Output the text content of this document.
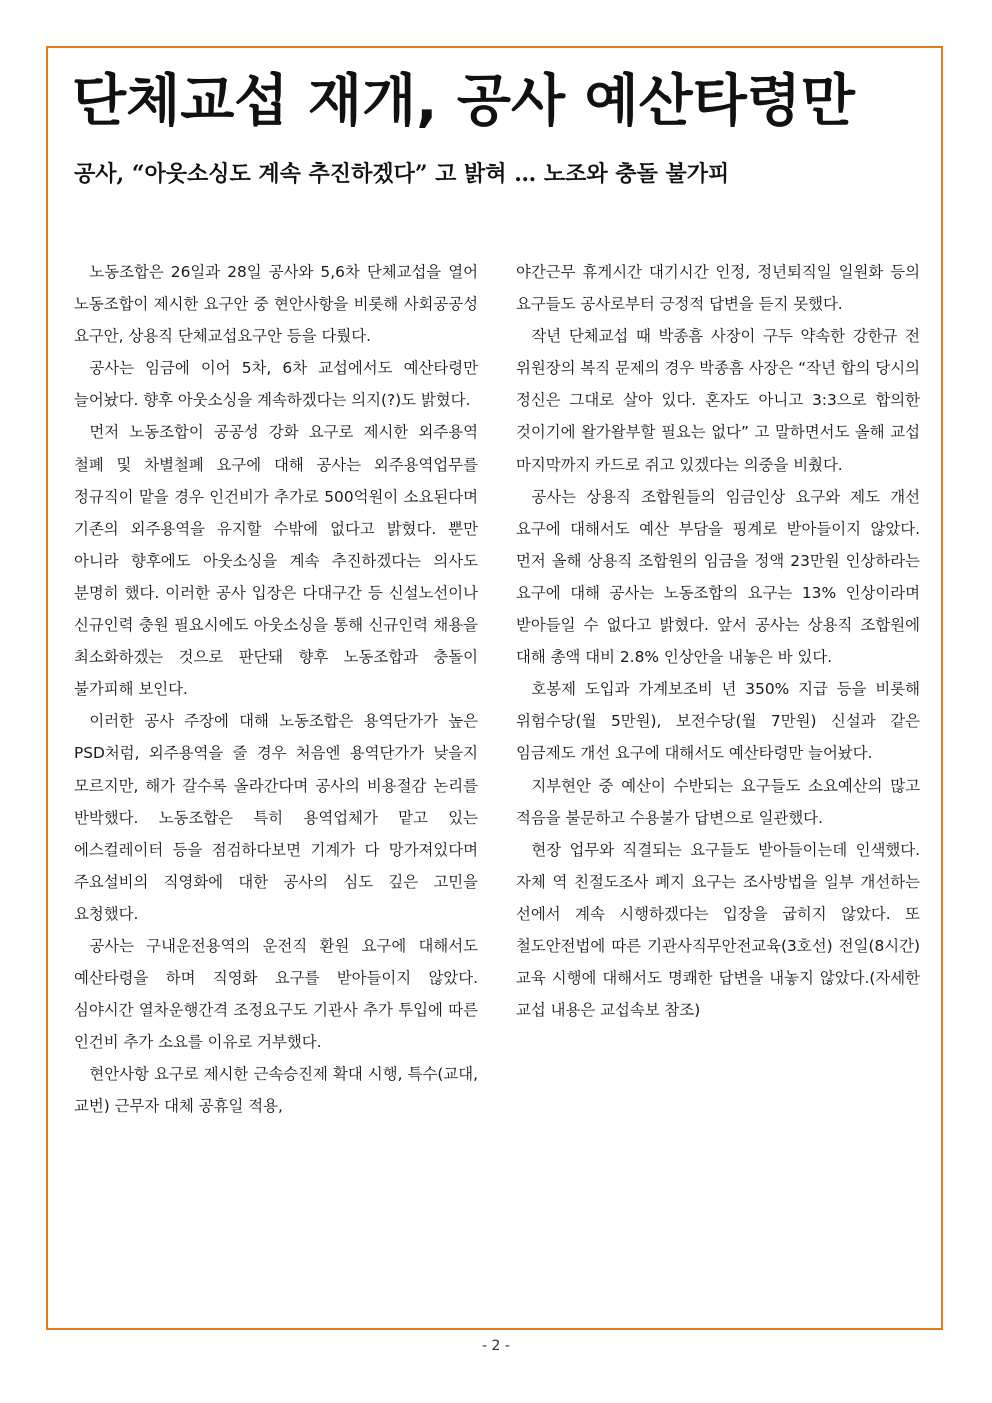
단체교섭 재개, 공사 예산타령만
공사, “아웃소싱도 계속 추진하겠다” 고 밝혀 … 노조와 충돌 불가피

노동조합은 26일과 28일 공사와 5,6차 단체교섭을 열어 노동조합이 제시한 요구안 중 현안사항을 비롯해 사회공공성 요구안, 상용직 단체교섭요구안 등을 다뤘다.

공사는 임금에 이어 5차, 6차 교섭에서도 예산타령만 늘어놨다. 향후 아웃소싱을 계속하겠다는 의지(?)도 밝혔다.

먼저 노동조합이 공공성 강화 요구로 제시한 외주용역 철폐 및 차별철폐 요구에 대해 공사는 외주용역업무를 정규직이 맡을 경우 인건비가 추가로 500억원이 소요된다며 기존의 외주용역을 유지할 수밖에 없다고 밝혔다. 뿐만 아니라 향후에도 아웃소싱을 계속 추진하겠다는 의사도 분명히 했다. 이러한 공사 입장은 다대구간 등 신설노선이나 신규인력 충원 필요시에도 아웃소싱을 통해 신규인력 채용을 최소화하겠는 것으로 판단돼 향후 노동조합과 충돌이 불가피해 보인다.

이러한 공사 주장에 대해 노동조합은 용역단가가 높은 PSD처럼, 외주용역을 줄 경우 처음엔 용역단가가 낮을지 모르지만, 해가 갈수록 올라간다며 공사의 비용절감 논리를 반박했다. 노동조합은 특히 용역업체가 맡고 있는 에스컬레이터 등을 점검하다보면 기계가 다 망가져있다며 주요설비의 직영화에 대한 공사의 심도 깊은 고민을 요청했다.

공사는 구내운전용역의 운전직 환원 요구에 대해서도 예산타령을 하며 직영화 요구를 받아들이지 않았다. 심야시간 열차운행간격 조정요구도 기관사 추가 투입에 따른 인건비 추가 소요를 이유로 거부했다.

현안사항 요구로 제시한 근속승진제 확대 시행, 특수(교대, 교번) 근무자 대체 공휴일 적용,

야간근무 휴게시간 대기시간 인정, 정년퇴직일 일원화 등의 요구들도 공사로부터 긍정적 답변을 듣지 못했다.

작년 단체교섭 때 박종흠 사장이 구두 약속한 강한규 전 위원장의 복직 문제의 경우 박종흠 사장은 “작년 합의 당시의 정신은 그대로 살아 있다. 혼자도 아니고 3:3으로 합의한 것이기에 왈가왈부할 필요는 없다” 고 말하면서도 올해 교섭 마지막까지 카드로 쥐고 있겠다는 의중을 비췄다.

공사는 상용직 조합원들의 임금인상 요구와 제도 개선 요구에 대해서도 예산 부담을 핑계로 받아들이지 않았다. 먼저 올해 상용직 조합원의 임금을 정액 23만원 인상하라는 요구에 대해 공사는 노동조합의 요구는 13% 인상이라며 받아들일 수 없다고 밝혔다. 앞서 공사는 상용직 조합원에 대해 총액 대비 2.8% 인상안을 내놓은 바 있다.

호봉제 도입과 가계보조비 년 350% 지급 등을 비롯해 위험수당(월 5만원), 보전수당(월 7만원) 신설과 같은 임금제도 개선 요구에 대해서도 예산타령만 늘어놨다.

지부현안 중 예산이 수반되는 요구들도 소요예산의 많고 적음을 불문하고 수용불가 답변으로 일관했다.

현장 업무와 직결되는 요구들도 받아들이는데 인색했다. 자체 역 친절도조사 폐지 요구는 조사방법을 일부 개선하는 선에서 계속 시행하겠다는 입장을 굽히지 않았다. 또 철도안전법에 따른 기관사직무안전교육(3호선) 전일(8시간) 교육 시행에 대해서도 명쾌한 답변을 내놓지 않았다.(자세한 교섭 내용은 교섭속보 참조)

- 2 -
